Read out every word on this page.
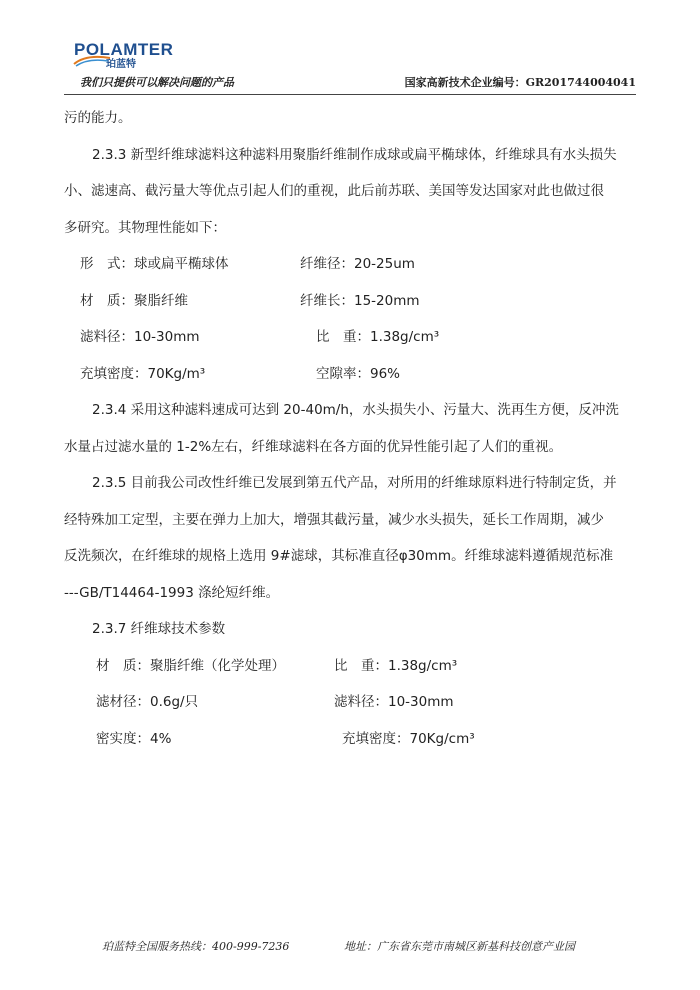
POLAMTER
珀蓝特
我们只提供可以解决问题的产品	国家高新技术企业编号：GR201744004041

污的能力。

2.3.3 新型纤维球滤料这种滤料用聚脂纤维制作成球或扁平椭球体，纤维球具有水头损失

小、滤速高、截污量大等优点引起人们的重视，此后前苏联、美国等发达国家对此也做过很

多研究。其物理性能如下：

形　式：球或扁平椭球体	纤维径：20-25um
材　质：聚脂纤维	纤维长：15-20mm
滤料径：10-30mm	比　重：1.38g/cm³
充填密度：70Kg/m³	空隙率：96%

2.3.4 采用这种滤料速成可达到 20-40m/h，水头损失小、污量大、洗再生方便，反冲洗

水量占过滤水量的 1-2%左右，纤维球滤料在各方面的优异性能引起了人们的重视。

2.3.5 目前我公司改性纤维已发展到第五代产品，对所用的纤维球原料进行特制定货，并

经特殊加工定型，主要在弹力上加大，增强其截污量，减少水头损失，延长工作周期，减少

反洗频次，在纤维球的规格上选用 9#滤球，其标准直径φ30mm。纤维球滤料遵循规范标准

---GB/T14464-1993 涤纶短纤维。

2.3.7 纤维球技术参数

材　质：聚脂纤维（化学处理）	比　重：1.38g/cm³
滤材径：0.6g/只	滤料径：10-30mm
密实度：4%	充填密度：70Kg/cm³
珀蓝特全国服务热线：400-999-7236	地址：广东省东莞市南城区新基科技创意产业园
